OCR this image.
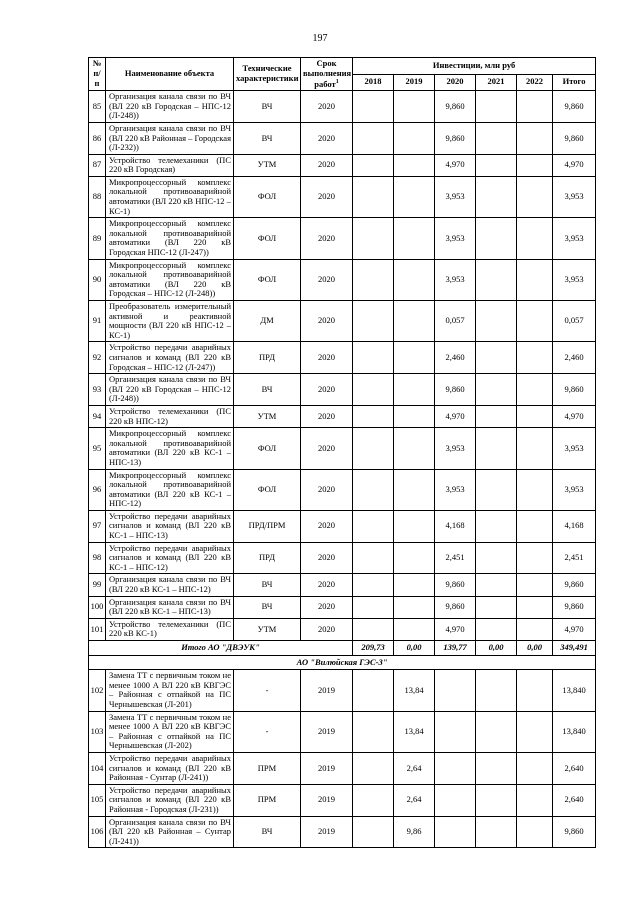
197
№ п/п	Наименование объекта	Технические характеристики	Срок выполнения работ$^1$	Инвестиции, млн руб					
				2018	2019	2020	2021	2022	Итого
85	Организация канала связи по ВЧ (ВЛ 220 кВ Городская – НПС-12 (Л-248))	ВЧ	2020			9,860			9,860
86	Организация канала связи по ВЧ (ВЛ 220 кВ Районная – Городская (Л-232))	ВЧ	2020			9,860			9,860
87	Устройство телемеханики (ПС 220 кВ Городская)	УТМ	2020			4,970			4,970
88	Микропроцессорный комплекс локальной противоаварийной автоматики (ВЛ 220 кВ НПС-12 – КС-1)	ФОЛ	2020			3,953			3,953
89	Микропроцессорный комплекс локальной противоаварийной автоматики (ВЛ 220 кВ Городская НПС-12 (Л-247))	ФОЛ	2020			3,953			3,953
90	Микропроцессорный комплекс локальной противоаварийной автоматики (ВЛ 220 кВ Городская – НПС-12 (Л-248))	ФОЛ	2020			3,953			3,953
91	Преобразователь измерительный активной и реактивной мощности (ВЛ 220 кВ НПС-12 – КС-1)	ДМ	2020			0,057			0,057
92	Устройство передачи аварийных сигналов и команд (ВЛ 220 кВ Городская – НПС-12 (Л-247))	ПРД	2020			2,460			2,460
93	Организация канала связи по ВЧ (ВЛ 220 кВ Городская – НПС-12 (Л-248))	ВЧ	2020			9,860			9,860
94	Устройство телемеханики (ПС 220 кВ НПС-12)	УТМ	2020			4,970			4,970
95	Микропроцессорный комплекс локальной противоаварийной автоматики (ВЛ 220 кВ КС-1 – НПС-13)	ФОЛ	2020			3,953			3,953
96	Микропроцессорный комплекс локальной противоаварийной автоматики (ВЛ 220 кВ КС-1 – НПС-12)	ФОЛ	2020			3,953			3,953
97	Устройство передачи аварийных сигналов и команд (ВЛ 220 кВ КС-1 – НПС-13)	ПРД/ПРМ	2020			4,168			4,168
98	Устройство передачи аварийных сигналов и команд (ВЛ 220 кВ КС-1 – НПС-12)	ПРД	2020			2,451			2,451
99	Организация канала связи по ВЧ (ВЛ 220 кВ КС-1 – НПС-12)	ВЧ	2020			9,860			9,860
100	Организация канала связи по ВЧ (ВЛ 220 кВ КС-1 – НПС-13)	ВЧ	2020			9,860			9,860
101	Устройство телемеханики (ПС 220 кВ КС-1)	УТМ	2020			4,970			4,970
Итого АО "ДВЭУК"				209,73	0,00	139,77	0,00	0,00	349,491
АО "Вилюйская ГЭС-3"									
102	Замена ТТ с первичным током не менее 1000 А ВЛ 220 кВ КВГЭС – Районная с отпайкой на ПС Чернышевская (Л-201)	-	2019		13,84				13,840
103	Замена ТТ с первичным током не менее 1000 А ВЛ 220 кВ КВГЭС – Районная с отпайкой на ПС Чернышевская (Л-202)	-	2019		13,84				13,840
104	Устройство передачи аварийных сигналов и команд (ВЛ 220 кВ Районная - Сунтар (Л-241))	ПРМ	2019		2,64				2,640
105	Устройство передачи аварийных сигналов и команд (ВЛ 220 кВ Районная - Городская (Л-231))	ПРМ	2019		2,64				2,640
106	Организация канала связи по ВЧ (ВЛ 220 кВ Районная – Сунтар (Л-241))	ВЧ	2019		9,86				9,860
